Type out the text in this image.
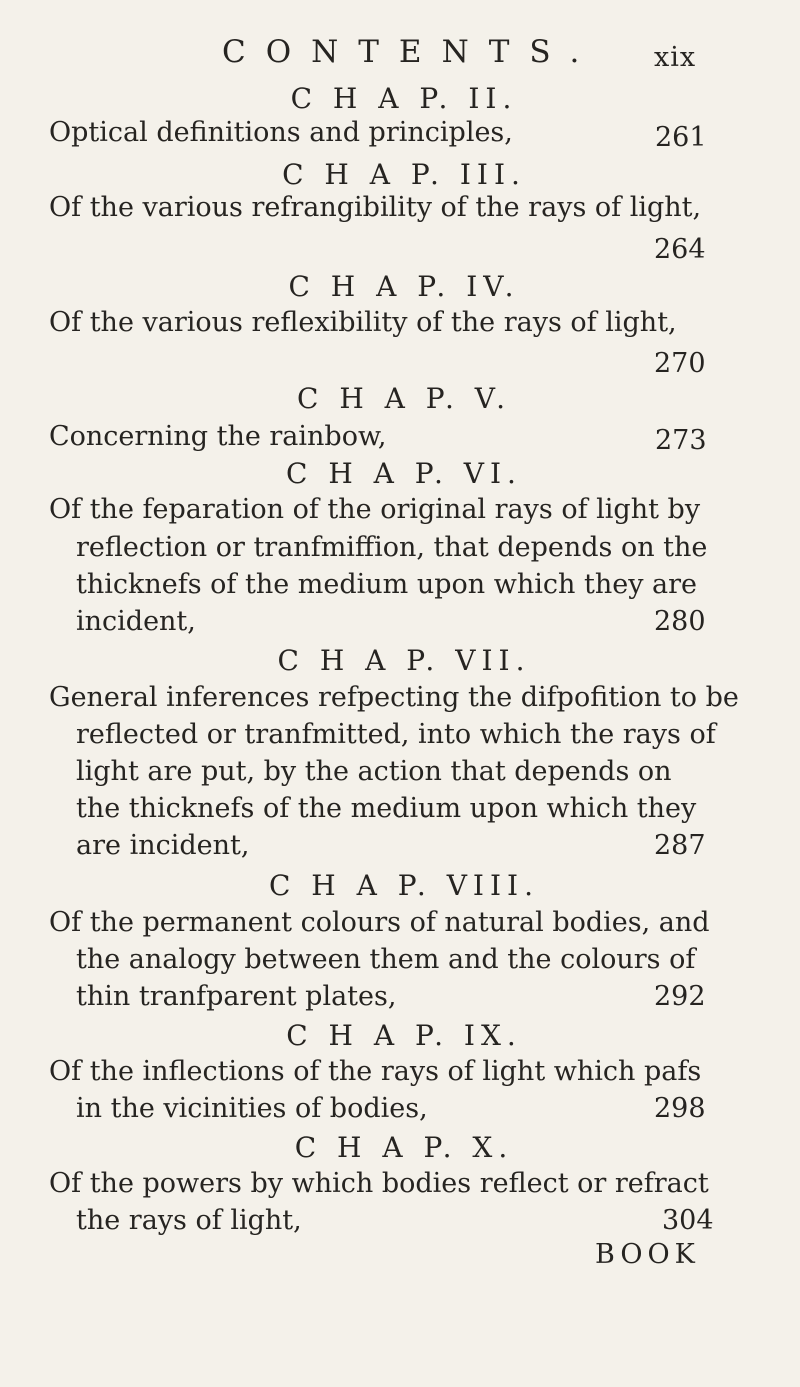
CONTENTS. xix
C H A P. II.
Optical definitions and principles,	261
C H A P. III.
Of the various refrangibility of the rays of light,
264
C H A P. IV.
Of the various reflexibility of the rays of light,
270
C H A P. V.
Concerning the rainbow,	273
C H A P. VI.
Of the feparation of the original rays of light by
reflection or tranfmiffion, that depends on the
thicknefs of the medium upon which they are
incident,	280
C H A P. VII.
General inferences refpecting the difpofition to be
reflected or tranfmitted, into which the rays of
light are put, by the action that depends on
the thicknefs of the medium upon which they
are incident,	287
C H A P. VIII.
Of the permanent colours of natural bodies, and
the analogy between them and the colours of
thin tranfparent plates,	292
C H A P. IX.
Of the inflections of the rays of light which pafs
in the vicinities of bodies,	298
C H A P. X.
Of the powers by which bodies reflect or refract
the rays of light,	304
BOOK
